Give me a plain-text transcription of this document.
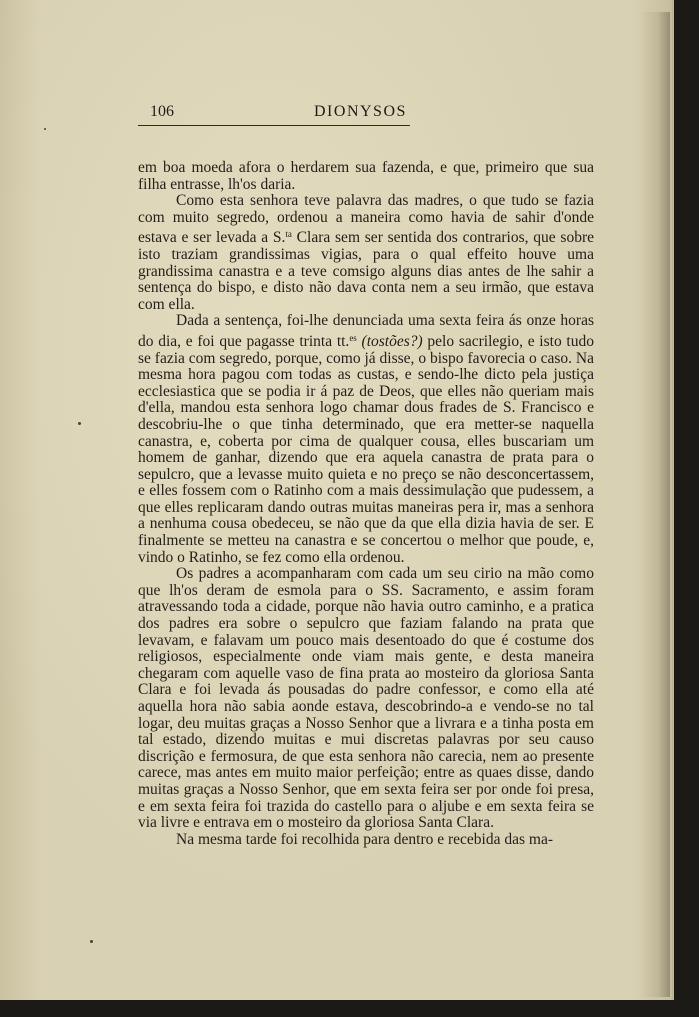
106	DIONYSOS

em boa moeda afora o herdarem sua fazenda, e que, primeiro que sua filha entrasse, lh'os daria.

Como esta senhora teve palavra das madres, o que tudo se fazia com muito segredo, ordenou a maneira como havia de sahir d'onde estava e ser levada a S.$^{ta}$ Clara sem ser sentida dos contrarios, que sobre isto traziam grandissimas vigias, para o qual effeito houve uma grandissima canastra e a teve comsigo alguns dias antes de lhe sahir a sentença do bispo, e disto não dava conta nem a seu irmão, que estava com ella.

Dada a sentença, foi-lhe denunciada uma sexta feira ás onze horas do dia, e foi que pagasse trinta tt.$^{es}$ (tostões?) pelo sacrilegio, e isto tudo se fazia com segredo, porque, como já disse, o bispo favorecia o caso. Na mesma hora pagou com todas as custas, e sendo-lhe dicto pela justiça ecclesiastica que se podia ir á paz de Deos, que elles não queriam mais d'ella, mandou esta senhora logo chamar dous frades de S. Francisco e descobriu-lhe o que tinha determinado, que era metter-se naquella canastra, e, coberta por cima de qualquer cousa, elles buscariam um homem de ganhar, dizendo que era aquela canastra de prata para o sepulcro, que a levasse muito quieta e no preço se não desconcertassem, e elles fossem com o Ratinho com a mais dessimulação que pudessem, a que elles replicaram dando outras muitas maneiras pera ir, mas a senhora a nenhuma cousa obedeceu, se não que da que ella dizia havia de ser. E finalmente se metteu na canastra e se concertou o melhor que poude, e, vindo o Ratinho, se fez como ella ordenou.

Os padres a acompanharam com cada um seu cirio na mão como que lh'os deram de esmola para o SS. Sacramento, e assim foram atravessando toda a cidade, porque não havia outro caminho, e a pratica dos padres era sobre o sepulcro que faziam falando na prata que levavam, e falavam um pouco mais desentoado do que é costume dos religiosos, especialmente onde viam mais gente, e desta maneira chegaram com aquelle vaso de fina prata ao mosteiro da gloriosa Santa Clara e foi levada ás pousadas do padre confessor, e como ella até aquella hora não sabia aonde estava, descobrindo-a e vendo-se no tal logar, deu muitas graças a Nosso Senhor que a livrara e a tinha posta em tal estado, dizendo muitas e mui discretas palavras por seu causo discrição e fermosura, de que esta senhora não carecia, nem ao presente carece, mas antes em muito maior perfeição; entre as quaes disse, dando muitas graças a Nosso Senhor, que em sexta feira ser por onde foi presa, e em sexta feira foi trazida do castello para o aljube e em sexta feira se via livre e entrava em o mosteiro da gloriosa Santa Clara.

Na mesma tarde foi recolhida para dentro e recebida das ma-
